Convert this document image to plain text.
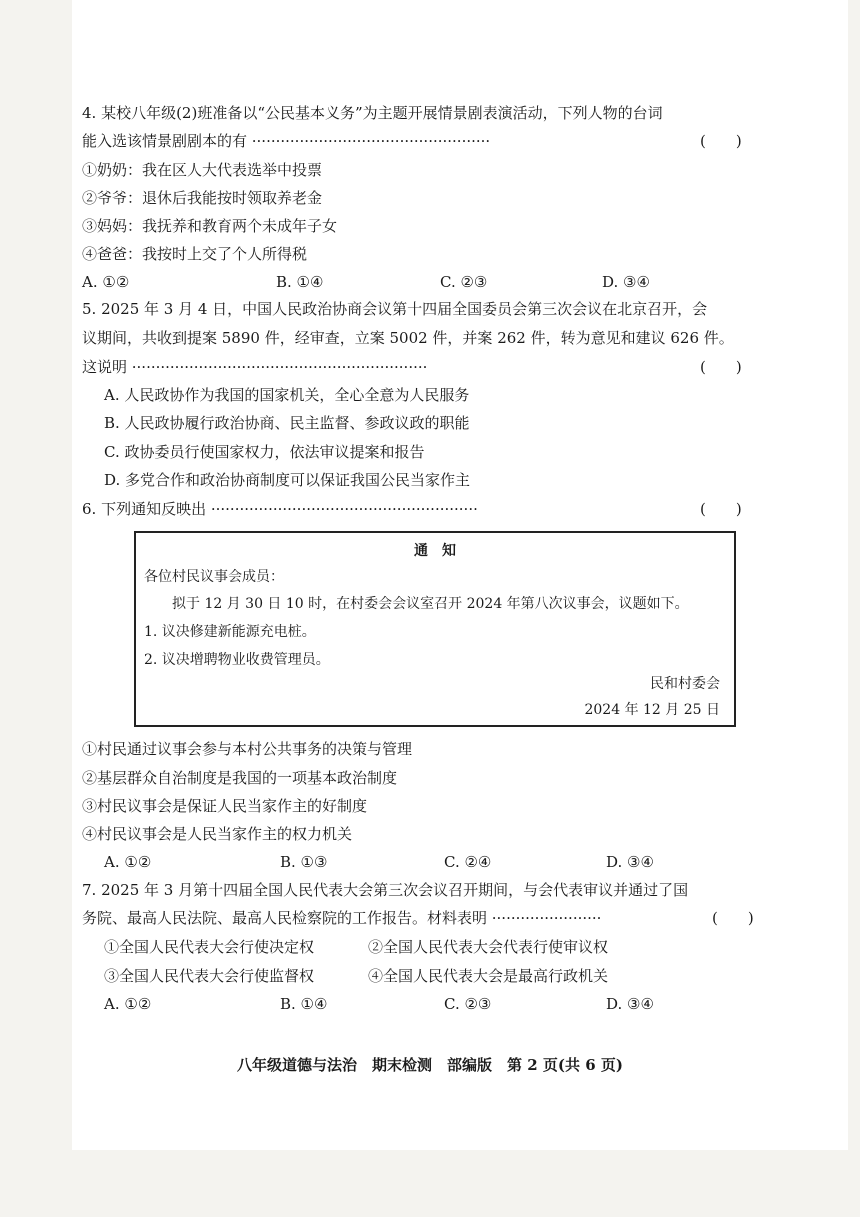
4. 某校八年级(2)班准备以“公民基本义务”为主题开展情景剧表演活动，下列人物的台词
能入选该情景剧剧本的有 ··················································	(　　)
①奶奶：我在区人大代表选举中投票
②爷爷：退休后我能按时领取养老金
③妈妈：我抚养和教育两个未成年子女
④爸爸：我按时上交了个人所得税
A. ①②	B. ①④	C. ②③	D. ③④
5. 2025 年 3 月 4 日，中国人民政治协商会议第十四届全国委员会第三次会议在北京召开，会
议期间，共收到提案 5890 件，经审查，立案 5002 件，并案 262 件，转为意见和建议 626 件。
这说明 ······························································	(　　)
A. 人民政协作为我国的国家机关，全心全意为人民服务
B. 人民政协履行政治协商、民主监督、参政议政的职能
C. 政协委员行使国家权力，依法审议提案和报告
D. 多党合作和政治协商制度可以保证我国公民当家作主
6. 下列通知反映出 ························································	(　　)
通　知
各位村民议事会成员：
拟于 12 月 30 日 10 时，在村委会会议室召开 2024 年第八次议事会，议题如下。
1. 议决修建新能源充电桩。
2. 议决增聘物业收费管理员。
民和村委会
2024 年 12 月 25 日
①村民通过议事会参与本村公共事务的决策与管理
②基层群众自治制度是我国的一项基本政治制度
③村民议事会是保证人民当家作主的好制度
④村民议事会是人民当家作主的权力机关
A. ①②	B. ①③	C. ②④	D. ③④
7. 2025 年 3 月第十四届全国人民代表大会第三次会议召开期间，与会代表审议并通过了国
务院、最高人民法院、最高人民检察院的工作报告。材料表明 ·······················	(　　)
①全国人民代表大会行使决定权	②全国人民代表大会代表行使审议权
③全国人民代表大会行使监督权	④全国人民代表大会是最高行政机关
A. ①②	B. ①④	C. ②③	D. ③④
八年级道德与法治　期末检测　部编版　第 2 页(共 6 页)
